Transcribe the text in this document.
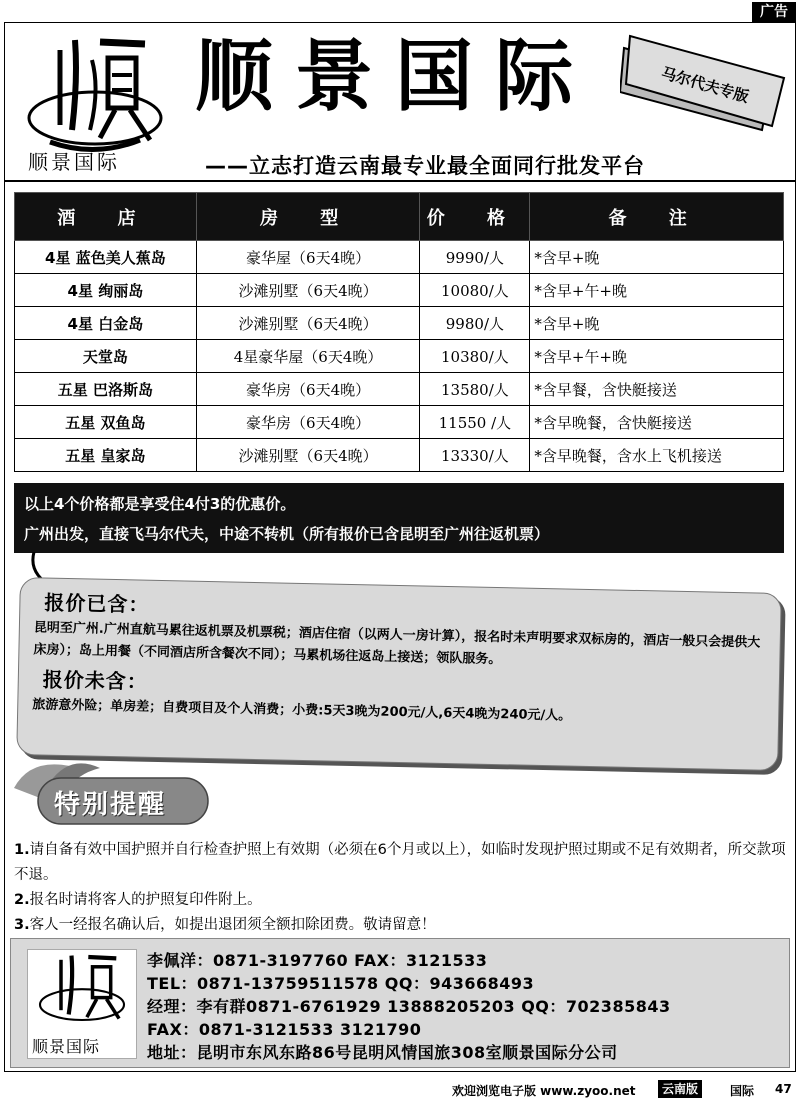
广告
顺景国际
顺景国际
——立志打造云南最专业最全面同行批发平台
马尔代夫专版
酒 店	房 型	价 格	备 注
4星 蓝色美人蕉岛	豪华屋（6天4晚）	9990/人	*含早+晚
4星 绚丽岛	沙滩别墅（6天4晚）	10080/人	*含早+午+晚
4星 白金岛	沙滩别墅（6天4晚）	9980/人	*含早+晚
天堂岛	4星豪华屋（6天4晚）	10380/人	*含早+午+晚
五星 巴洛斯岛	豪华房（6天4晚）	13580/人	*含早餐，含快艇接送
五星 双鱼岛	豪华房（6天4晚）	11550 /人	*含早晚餐，含快艇接送
五星 皇家岛	沙滩别墅（6天4晚）	13330/人	*含早晚餐，含水上飞机接送
以上4个价格都是享受住4付3的优惠价。
广州出发，直接飞马尔代夫，中途不转机（所有报价已含昆明至广州往返机票）
报价已含：

昆明至广州.广州直航马累往返机票及机票税；酒店住宿（以两人一房计算），报名时未声明要求双标房的，酒店一般只会提供大床房）；岛上用餐（不同酒店所含餐次不同）；马累机场往返岛上接送；领队服务。

报价未含：

旅游意外险；单房差；自费项目及个人消费；小费:5天3晚为200元/人,6天4晚为240元/人。

特别提醒
1.请自备有效中国护照并自行检查护照上有效期（必须在6个月或以上），如临时发现护照过期或不足有效期者，所交款项不退。
2.报名时请将客人的护照复印件附上。
3.客人一经报名确认后，如提出退团须全额扣除团费。敬请留意！
顺景国际
李佩洋：0871-3197760 FAX：3121533
TEL：0871-13759511578 QQ：943668493
经理：李有群0871-6761929 13888205203 QQ：702385843
FAX：0871-3121533 3121790
地址：昆明市东风东路86号昆明风情国旅308室顺景国际分公司
欢迎浏览电子版 www.zyoo.net	云南版	国际 47
